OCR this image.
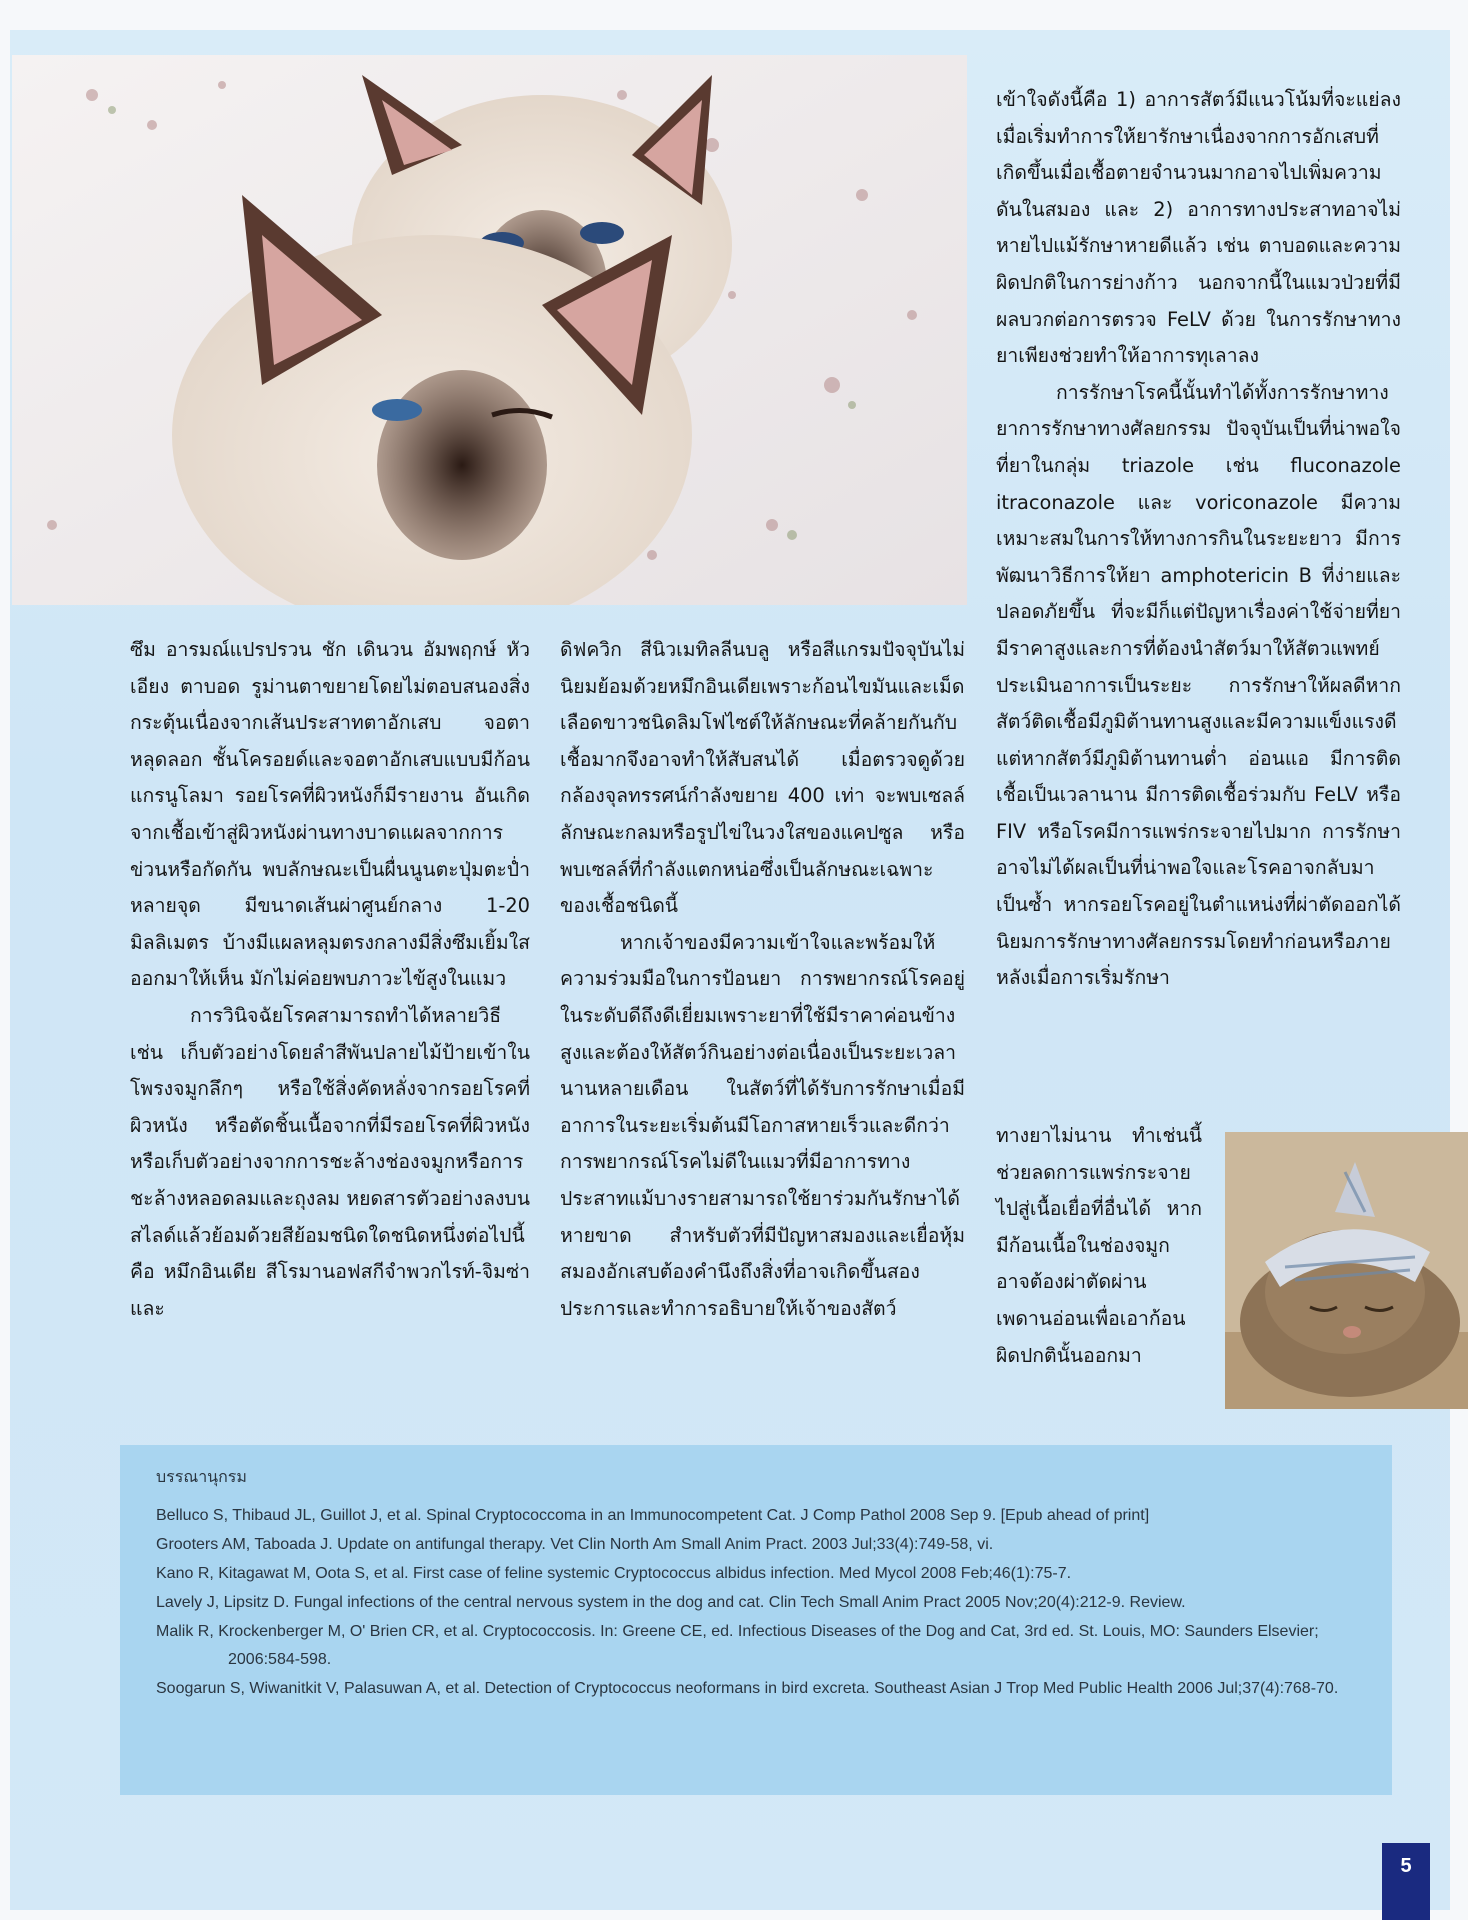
ซึม อารมณ์แปรปรวน ชัก เดินวน อัมพฤกษ์ หัวเอียง ตาบอด รูม่านตาขยายโดยไม่ตอบสนองสิ่งกระตุ้นเนื่องจากเส้นประสาทตาอักเสบ จอตาหลุดลอก ชั้นโครอยด์และจอตาอักเสบแบบมีก้อนแกรนูโลมา รอยโรคที่ผิวหนังก็มีรายงาน อันเกิดจากเชื้อเข้าสู่ผิวหนังผ่านทางบาดแผลจากการข่วนหรือกัดกัน พบลักษณะเป็นผื่นนูนตะปุ่มตะป่ำหลายจุด มีขนาดเส้นผ่าศูนย์กลาง 1-20 มิลลิเมตร บ้างมีแผลหลุมตรงกลางมีสิ่งซึมเยิ้มใสออกมาให้เห็น มักไม่ค่อยพบภาวะไข้สูงในแมว

การวินิจฉัยโรคสามารถทำได้หลายวิธี เช่น เก็บตัวอย่างโดยลำสีพันปลายไม้ป้ายเข้าในโพรงจมูกลึกๆ หรือใช้สิ่งคัดหลั่งจากรอยโรคที่ผิวหนัง หรือตัดชิ้นเนื้อจากที่มีรอยโรคที่ผิวหนัง หรือเก็บตัวอย่างจากการชะล้างช่องจมูกหรือการชะล้างหลอดลมและถุงลม หยดสารตัวอย่างลงบนสไลด์แล้วย้อมด้วยสีย้อมชนิดใดชนิดหนึ่งต่อไปนี้คือ หมึกอินเดีย สีโรมานอฟสกีจำพวกไรท์-จิมซ่าและ

ดิฟควิก สีนิวเมทิลลีนบลู หรือสีแกรมปัจจุบันไม่นิยมย้อมด้วยหมึกอินเดียเพราะก้อนไขมันและเม็ดเลือดขาวชนิดลิมโฟไซต์ให้ลักษณะที่คล้ายกันกับเชื้อมากจึงอาจทำให้สับสนได้ เมื่อตรวจดูด้วยกล้องจุลทรรศน์กำลังขยาย 400 เท่า จะพบเซลล์ลักษณะกลมหรือรูปไข่ในวงใสของแคปซูล หรือพบเซลล์ที่กำลังแตกหน่อซึ่งเป็นลักษณะเฉพาะของเชื้อชนิดนี้

หากเจ้าของมีความเข้าใจและพร้อมให้ความร่วมมือในการป้อนยา การพยากรณ์โรคอยู่ในระดับดีถึงดีเยี่ยมเพราะยาที่ใช้มีราคาค่อนข้างสูงและต้องให้สัตว์กินอย่างต่อเนื่องเป็นระยะเวลานานหลายเดือน ในสัตว์ที่ได้รับการรักษาเมื่อมีอาการในระยะเริ่มต้นมีโอกาสหายเร็วและดีกว่า การพยากรณ์โรคไม่ดีในแมวที่มีอาการทางประสาทแม้บางรายสามารถใช้ยาร่วมกันรักษาได้หายขาด สำหรับตัวที่มีปัญหาสมองและเยื่อหุ้มสมองอักเสบต้องคำนึงถึงสิ่งที่อาจเกิดขึ้นสองประการและทำการอธิบายให้เจ้าของสัตว์

เข้าใจดังนี้คือ 1) อาการสัตว์มีแนวโน้มที่จะแย่ลงเมื่อเริ่มทำการให้ยารักษาเนื่องจากการอักเสบที่เกิดขึ้นเมื่อเชื้อตายจำนวนมากอาจไปเพิ่มความดันในสมอง และ 2) อาการทางประสาทอาจไม่หายไปแม้รักษาหายดีแล้ว เช่น ตาบอดและความผิดปกติในการย่างก้าว นอกจากนี้ในแมวป่วยที่มีผลบวกต่อการตรวจ FeLV ด้วย ในการรักษาทางยาเพียงช่วยทำให้อาการทุเลาลง

การรักษาโรคนี้นั้นทำได้ทั้งการรักษาทางยาการรักษาทางศัลยกรรม ปัจจุบันเป็นที่น่าพอใจที่ยาในกลุ่ม triazole เช่น fluconazole itraconazole และ voriconazole มีความเหมาะสมในการให้ทางการกินในระยะยาว มีการพัฒนาวิธีการให้ยา amphotericin B ที่ง่ายและปลอดภัยขึ้น ที่จะมีก็แต่ปัญหาเรื่องค่าใช้จ่ายที่ยามีราคาสูงและการที่ต้องนำสัตว์มาให้สัตวแพทย์ประเมินอาการเป็นระยะ การรักษาให้ผลดีหากสัตว์ติดเชื้อมีภูมิต้านทานสูงและมีความแข็งแรงดี แต่หากสัตว์มีภูมิต้านทานต่ำ อ่อนแอ มีการติดเชื้อเป็นเวลานาน มีการติดเชื้อร่วมกับ FeLV หรือ FIV หรือโรคมีการแพร่กระจายไปมาก การรักษาอาจไม่ได้ผลเป็นที่น่าพอใจและโรคอาจกลับมาเป็นซ้ำ หากรอยโรคอยู่ในตำแหน่งที่ผ่าตัดออกได้ นิยมการรักษาทางศัลยกรรมโดยทำก่อนหรือภายหลังเมื่อการเริ่มรักษา

ทางยาไม่นาน ทำเช่นนี้ช่วยลดการแพร่กระจายไปสู่เนื้อเยื่อที่อื่นได้ หากมีก้อนเนื้อในช่องจมูกอาจต้องผ่าตัดผ่านเพดานอ่อนเพื่อเอาก้อนผิดปกตินั้นออกมา

บรรณานุกรม
Belluco S, Thibaud JL, Guillot J, et al. Spinal Cryptococcoma in an Immunocompetent Cat. J Comp Pathol 2008 Sep 9. [Epub ahead of print]
Grooters AM, Taboada J. Update on antifungal therapy. Vet Clin North Am Small Anim Pract. 2003 Jul;33(4):749-58, vi.
Kano R, Kitagawat M, Oota S, et al. First case of feline systemic Cryptococcus albidus infection. Med Mycol 2008 Feb;46(1):75-7.
Lavely J, Lipsitz D. Fungal infections of the central nervous system in the dog and cat. Clin Tech Small Anim Pract 2005 Nov;20(4):212-9. Review.
Malik R, Krockenberger M, O' Brien CR, et al. Cryptococcosis. In: Greene CE, ed. Infectious Diseases of the Dog and Cat, 3rd ed. St. Louis, MO: Saunders Elsevier; 2006:584-598.
Soogarun S, Wiwanitkit V, Palasuwan A, et al. Detection of Cryptococcus neoformans in bird excreta. Southeast Asian J Trop Med Public Health 2006 Jul;37(4):768-70.
5
